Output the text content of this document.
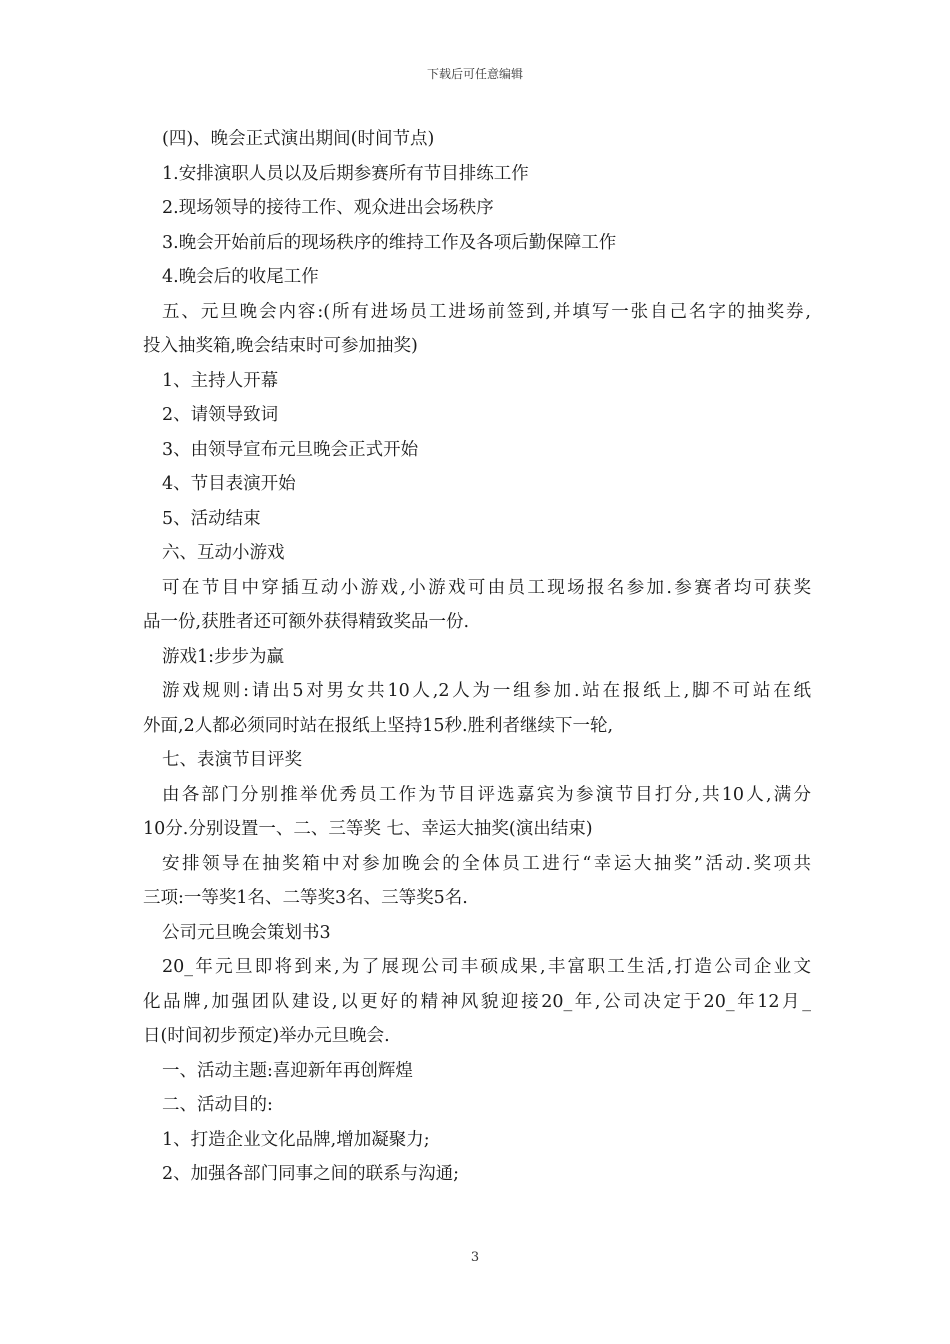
下载后可任意编辑
(四)、晚会正式演出期间(时间节点)
1.安排演职人员以及后期参赛所有节目排练工作
2.现场领导的接待工作、观众进出会场秩序
3.晚会开始前后的现场秩序的维持工作及各项后勤保障工作
4.晚会后的收尾工作
五、元旦晚会内容:(所有进场员工进场前签到,并填写一张自己名字的抽奖券,
投入抽奖箱,晚会结束时可参加抽奖)
1、主持人开幕
2、请领导致词
3、由领导宣布元旦晚会正式开始
4、节目表演开始
5、活动结束
六、互动小游戏
可在节目中穿插互动小游戏,小游戏可由员工现场报名参加.参赛者均可获奖
品一份,获胜者还可额外获得精致奖品一份.
游戏1:步步为赢
游戏规则:请出5对男女共10人,2人为一组参加.站在报纸上,脚不可站在纸
外面,2人都必须同时站在报纸上坚持15秒.胜利者继续下一轮,
七、表演节目评奖
由各部门分别推举优秀员工作为节目评选嘉宾为参演节目打分,共10人,满分
10分.分别设置一、二、三等奖 七、幸运大抽奖(演出结束)
安排领导在抽奖箱中对参加晚会的全体员工进行“幸运大抽奖”活动.奖项共
三项:一等奖1名、二等奖3名、三等奖5名.
公司元旦晚会策划书3
20_年元旦即将到来,为了展现公司丰硕成果,丰富职工生活,打造公司企业文
化品牌,加强团队建设,以更好的精神风貌迎接20_年,公司决定于20_年12月_
日(时间初步预定)举办元旦晚会.
一、活动主题:喜迎新年再创辉煌
二、活动目的:
1、打造企业文化品牌,增加凝聚力;
2、加强各部门同事之间的联系与沟通;
3
